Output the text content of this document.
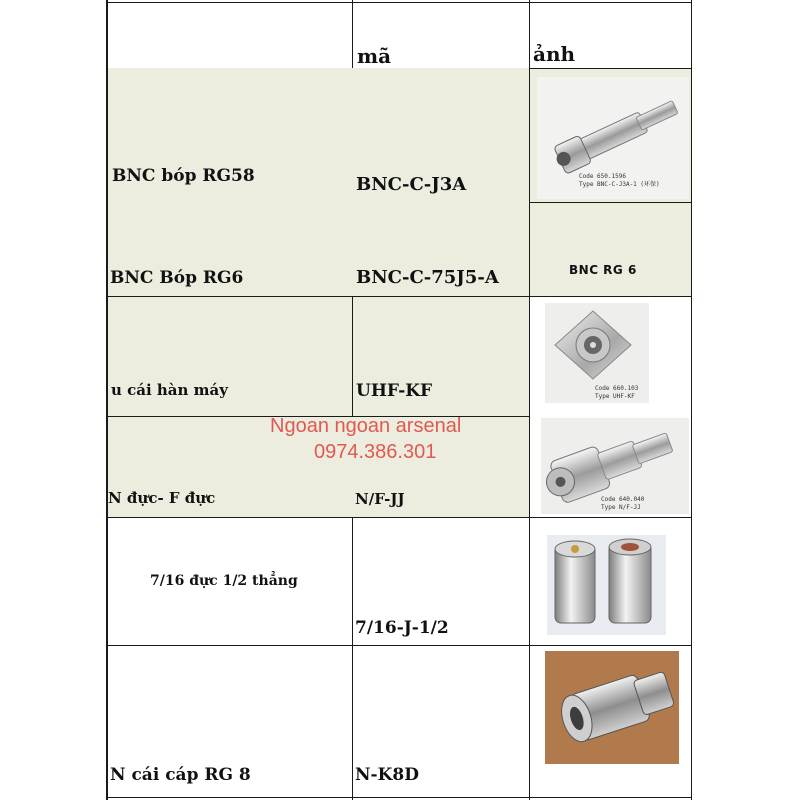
mã	ảnh
BNC bóp RG58
BNC Bóp RG6
u cái hàn máy
N đực- F đực
7/16 đực 1/2 thẳng
N cái cáp RG 8
BNC-C-J3A
BNC-C-75J5-A
UHF-KF
N/F-JJ
7/16-J-1/2
N-K8D
Code 650.1596
Type BNC-C-J3A-1 (环保)
BNC RG 6
Code 660.103
Type UHF-KF
Code 640.040
Type N/F-JJ
Ngoan ngoan arsenal
0974.386.301
